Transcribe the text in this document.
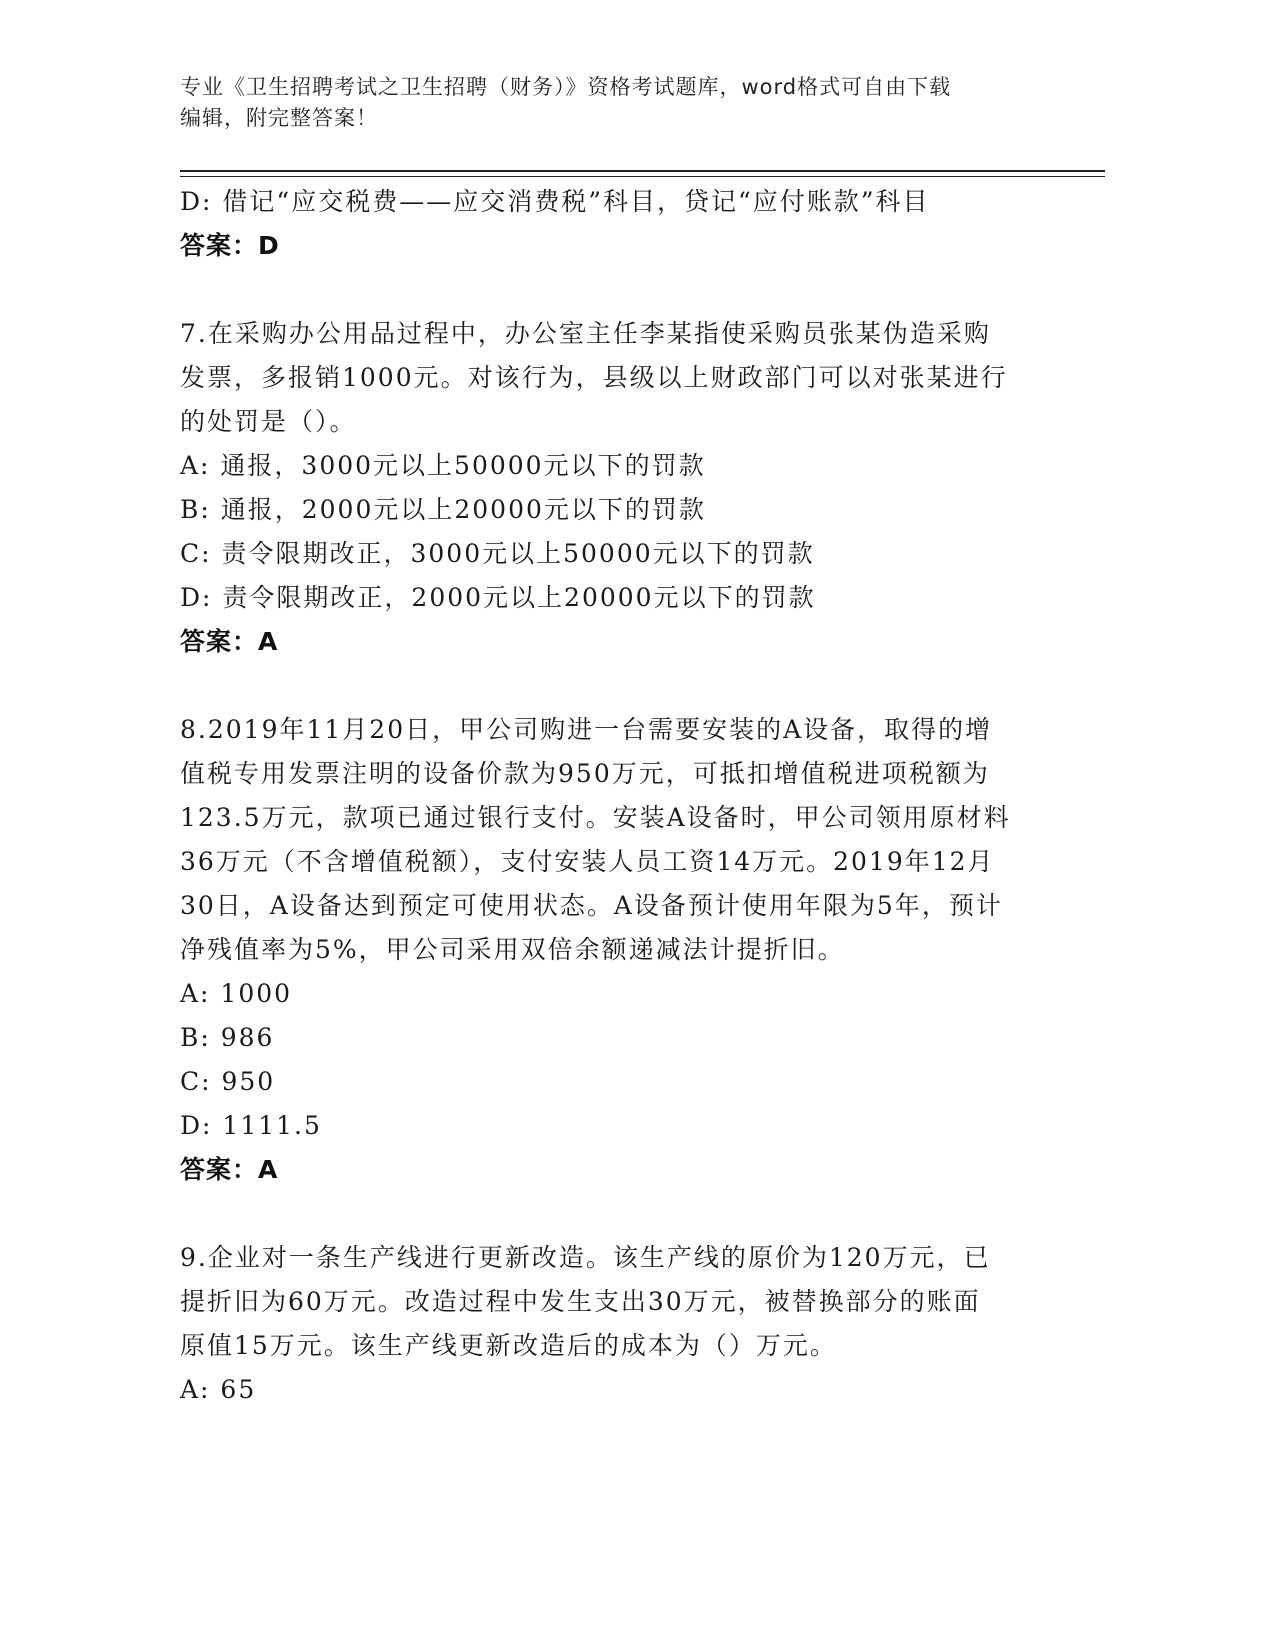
专业《卫生招聘考试之卫生招聘（财务）》资格考试题库，word格式可自由下载
编辑，附完整答案！
D: 借记“应交税费——应交消费税”科目，贷记“应付账款”科目
答案：D
7.在采购办公用品过程中，办公室主任李某指使采购员张某伪造采购
发票，多报销1000元。对该行为，县级以上财政部门可以对张某进行
的处罚是（）。
A: 通报，3000元以上50000元以下的罚款
B: 通报，2000元以上20000元以下的罚款
C: 责令限期改正，3000元以上50000元以下的罚款
D: 责令限期改正，2000元以上20000元以下的罚款
答案：A
8.2019年11月20日，甲公司购进一台需要安装的A设备，取得的增
值税专用发票注明的设备价款为950万元，可抵扣增值税进项税额为
123.5万元，款项已通过银行支付。安装A设备时，甲公司领用原材料
36万元（不含增值税额），支付安装人员工资14万元。2019年12月
30日，A设备达到预定可使用状态。A设备预计使用年限为5年，预计
净残值率为5%，甲公司采用双倍余额递减法计提折旧。
A: 1000
B: 986
C: 950
D: 1111.5
答案：A
9.企业对一条生产线进行更新改造。该生产线的原价为120万元，已
提折旧为60万元。改造过程中发生支出30万元，被替换部分的账面
原值15万元。该生产线更新改造后的成本为（）万元。
A: 65
